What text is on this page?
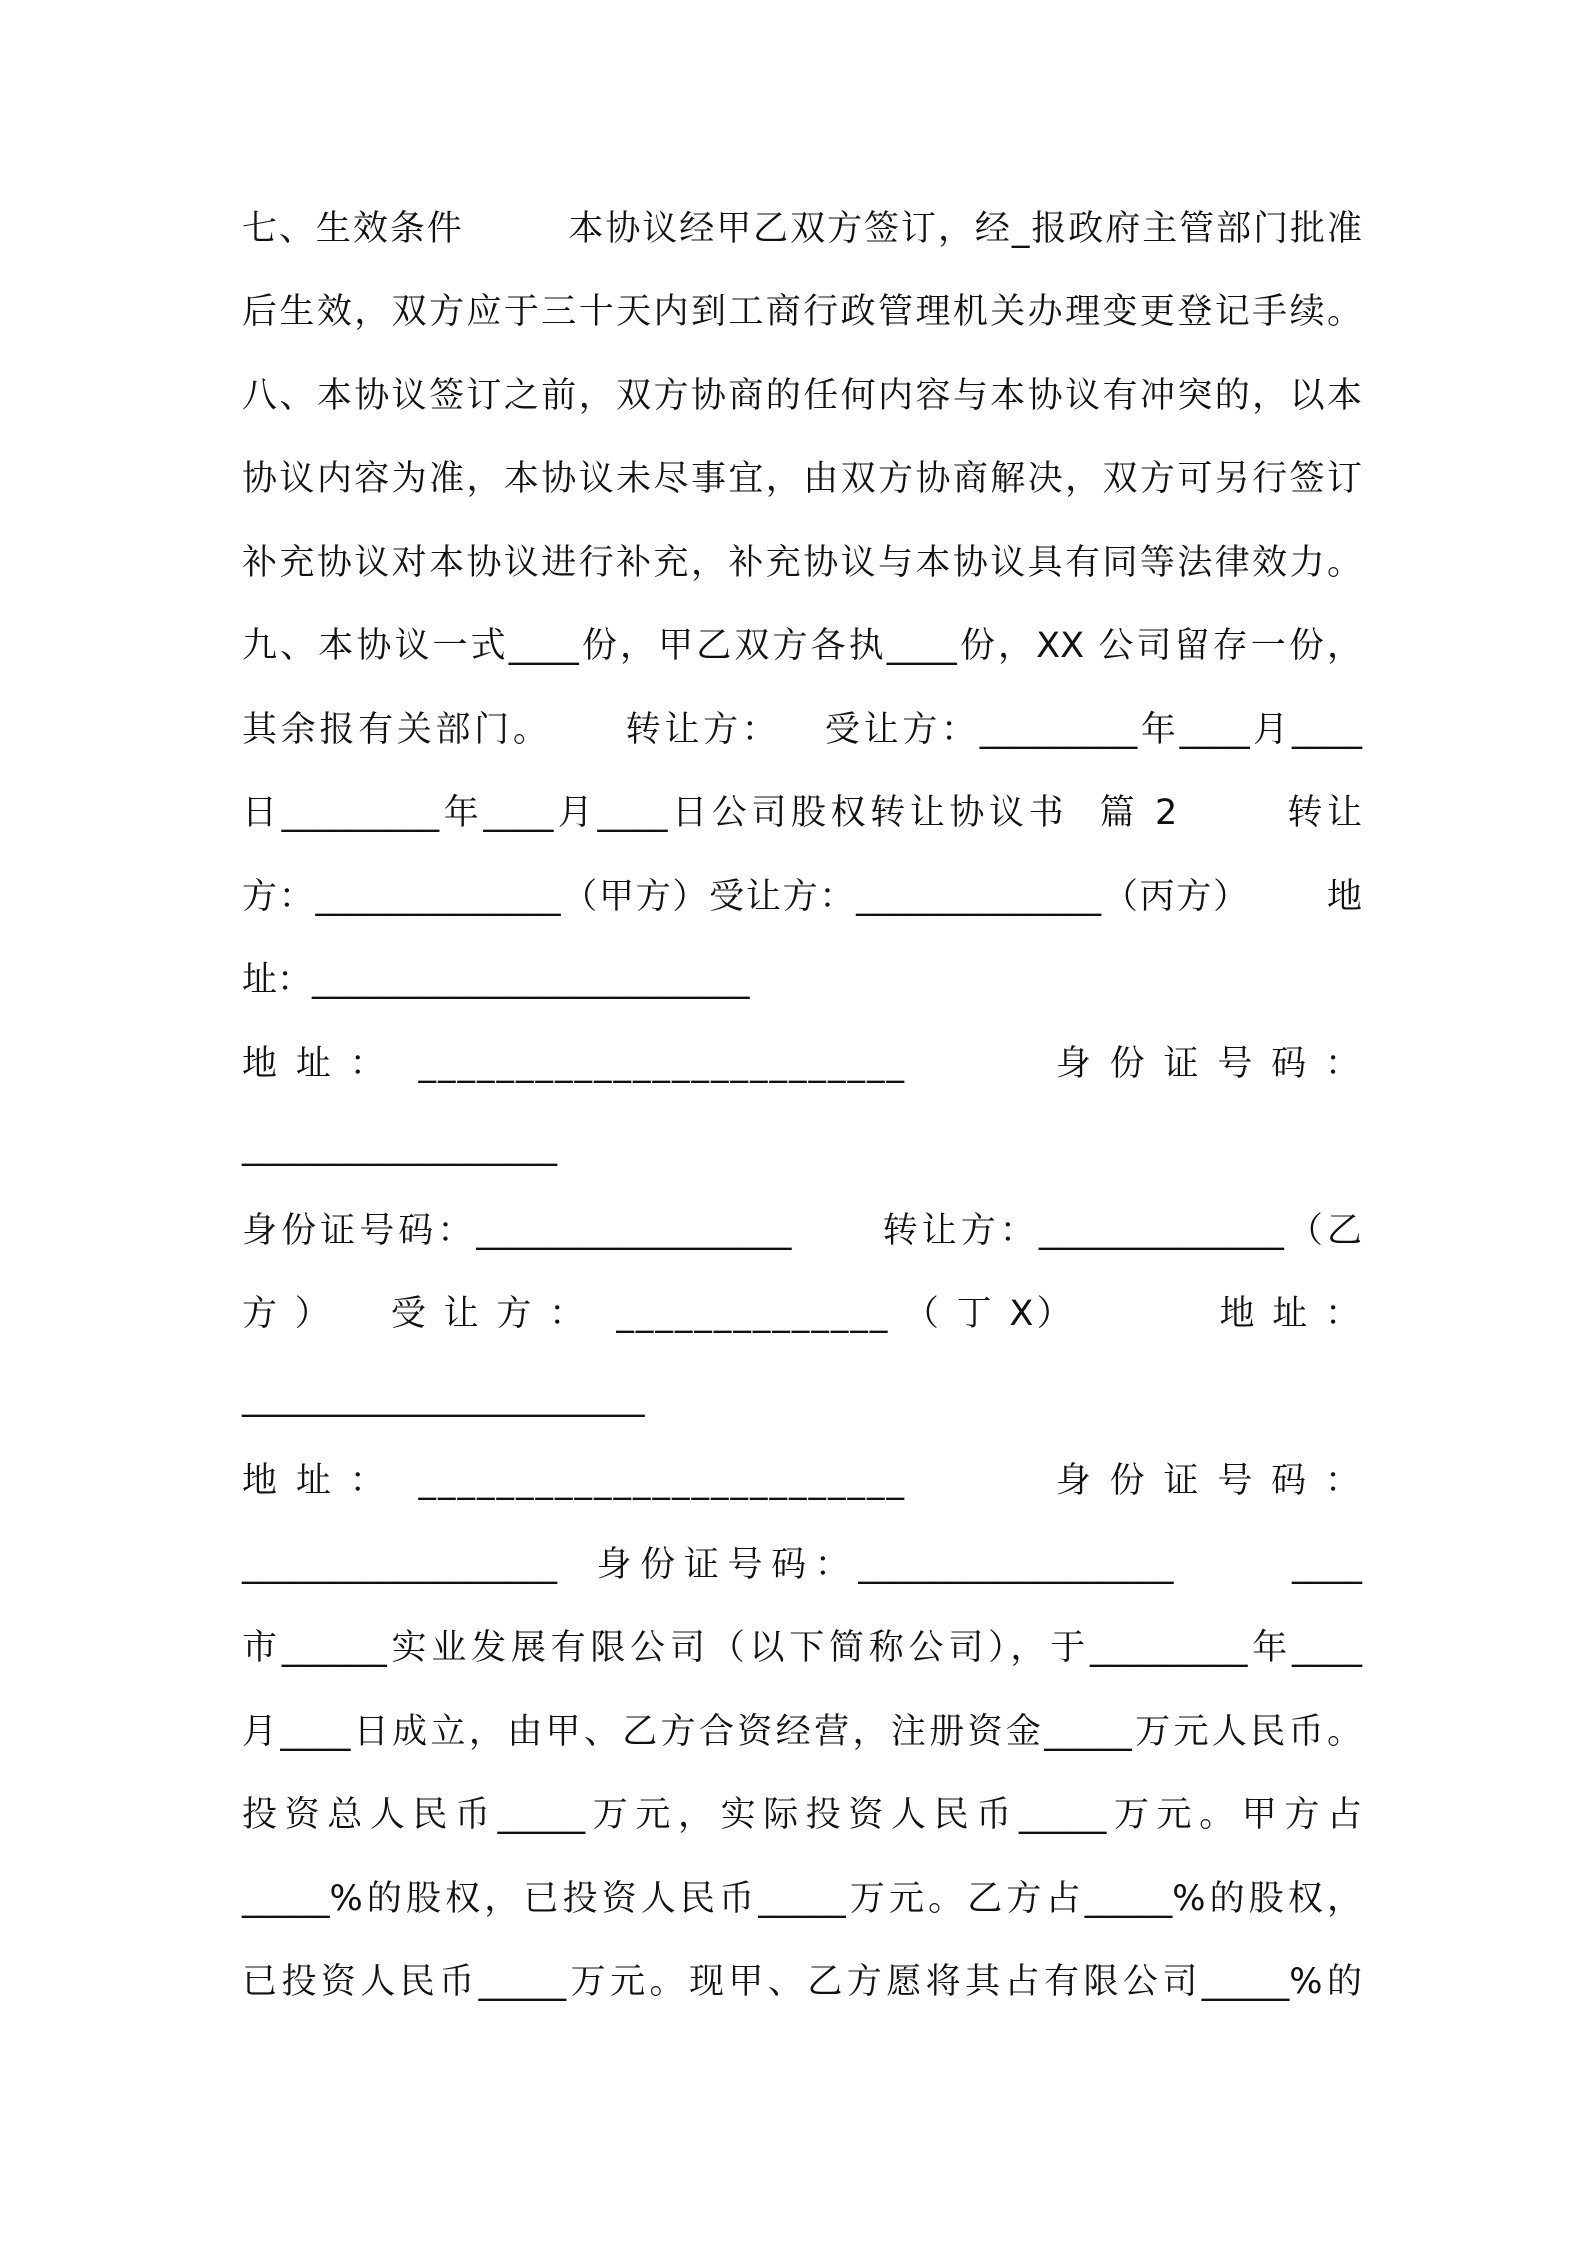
七、生效条件        本协议经甲乙双方签订，经_报政府主管部门批准
后生效，双方应于三十天内到工商行政管理机关办理变更登记手续。
八、本协议签订之前，双方协商的任何内容与本协议有冲突的，以本
协议内容为准，本协议未尽事宜，由双方协商解决，双方可另行签订
补充协议对本协议进行补充，补充协议与本协议具有同等法律效力。
九、本协议一式____份，甲乙双方各执____份，XX 公司留存一份，
其余报有关部门。     转让方：   受让方：_________年____月____
日_________年____月____日公司股权转让协议书  篇 2       转让
方：______________（甲方）受让方：______________（丙方）      地
址：_________________________
地 址 ：  _________________________          身 份 证 号 码 ：
__________________
身份证号码：__________________      转让方：______________（乙
方 ）    受 让 方 ：  ______________ （ 丁 X）          地 址 ：
_______________________
地 址 ：  _________________________          身 份 证 号 码 ：
__________________  身份证号码：__________________      ____
市______实业发展有限公司（以下简称公司），于_________年____
月____日成立，由甲、乙方合资经营，注册资金_____万元人民币。
投资总人民币_____万元，实际投资人民币_____万元。甲方占
_____%的股权，已投资人民币_____万元。乙方占_____%的股权，
已投资人民币_____万元。现甲、乙方愿将其占有限公司_____%的
